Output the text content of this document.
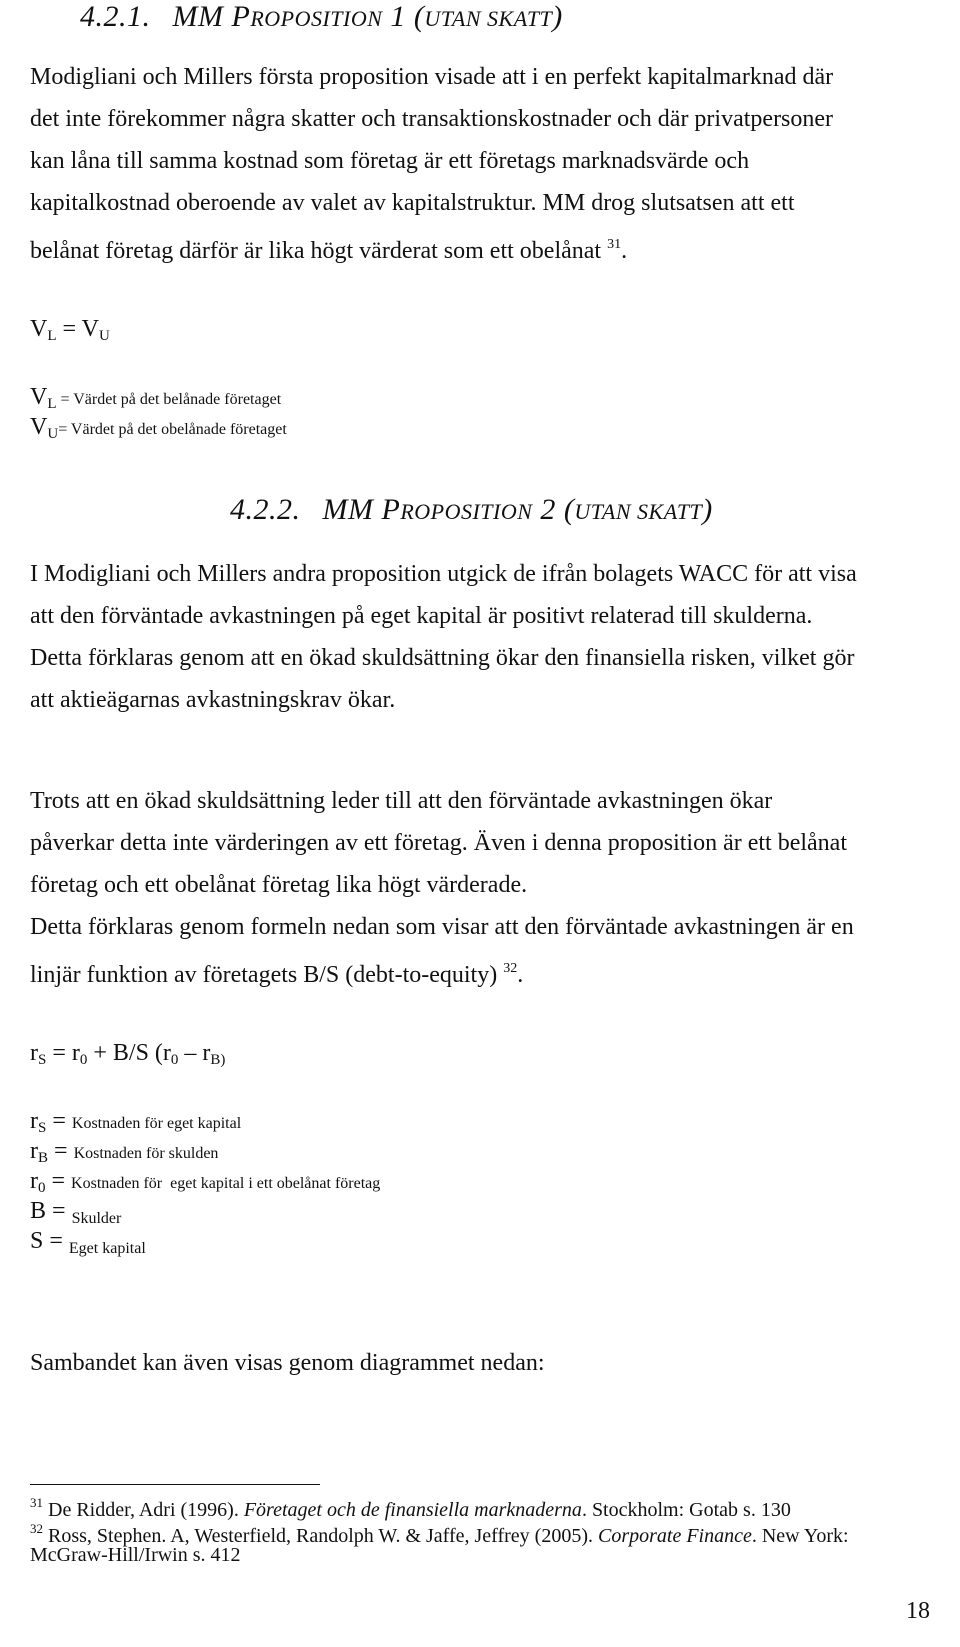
4.2.1. MM PROPOSITION 1 (UTAN SKATT)
Modigliani och Millers första proposition visade att i en perfekt kapitalmarknad där
det inte förekommer några skatter och transaktionskostnader och där privatpersoner
kan låna till samma kostnad som företag är ett företags marknadsvärde och
kapitalkostnad oberoende av valet av kapitalstruktur. MM drog slutsatsen att ett
belånat företag därför är lika högt värderat som ett obelånat $^{31}$.
$V_L = V_U$
VL = Värdet på det belånade företaget
VU= Värdet på det obelånade företaget
4.2.2. MM PROPOSITION 2 (UTAN SKATT)
I Modigliani och Millers andra proposition utgick de ifrån bolagets WACC för att visa
att den förväntade avkastningen på eget kapital är positivt relaterad till skulderna.
Detta förklaras genom att en ökad skuldsättning ökar den finansiella risken, vilket gör
att aktieägarnas avkastningskrav ökar.
Trots att en ökad skuldsättning leder till att den förväntade avkastningen ökar
påverkar detta inte värderingen av ett företag. Även i denna proposition är ett belånat
företag och ett obelånat företag lika högt värderade.
Detta förklaras genom formeln nedan som visar att den förväntade avkastningen är en
linjär funktion av företagets B/S (debt-to-equity) $^{32}$.
$r_S = r_0 + B/S$ ($r_0 - r_{B)}$
rS = Kostnaden för eget kapital
rB = Kostnaden för skulden
r0 = Kostnaden för  eget kapital i ett obelånat företag
B = Skulder
S = Eget kapital
Sambandet kan även visas genom diagrammet nedan:
$^{31}$ De Ridder, Adri (1996). Företaget och de finansiella marknaderna. Stockholm: Gotab s. 130
$^{32}$ Ross, Stephen. A, Westerfield, Randolph W. & Jaffe, Jeffrey (2005). Corporate Finance. New York:
McGraw-Hill/Irwin s. 412
18
